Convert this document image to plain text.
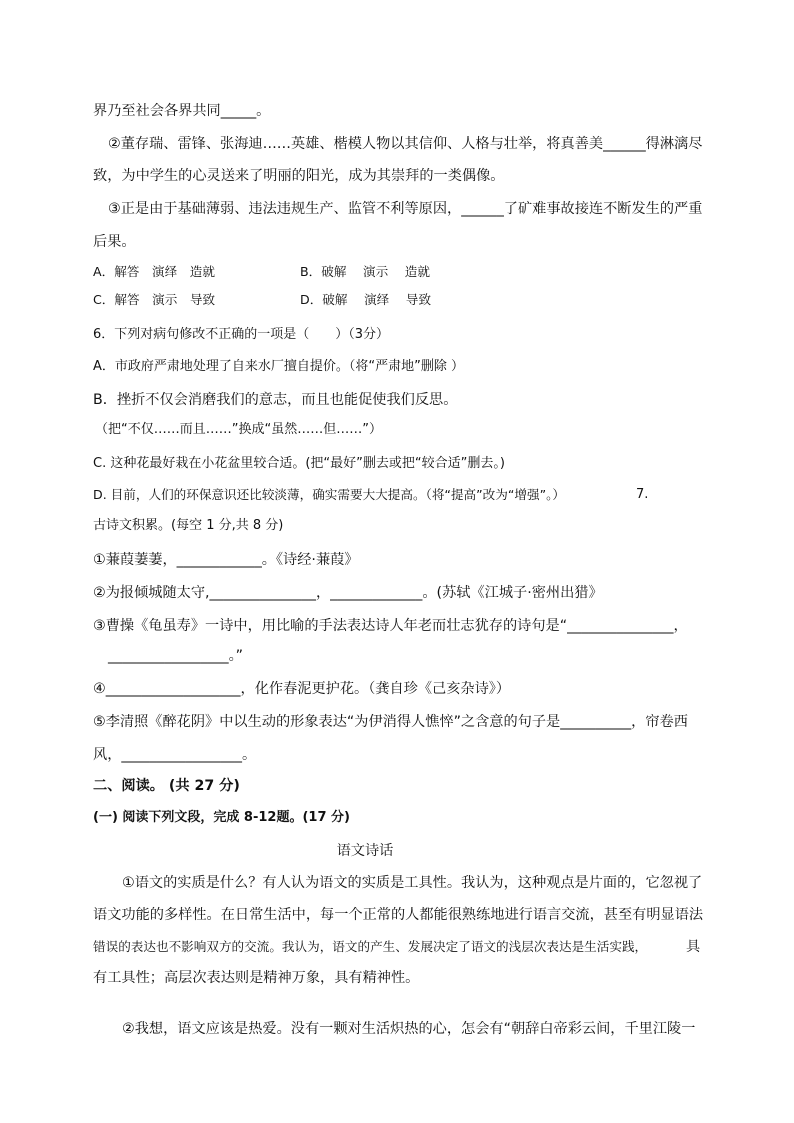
界乃至社会各界共同_____。
②董存瑞、雷锋、张海迪……英雄、楷模人物以其信仰、人格与壮举，将真善美______得淋漓尽
致，为中学生的心灵送来了明丽的阳光，成为其崇拜的一类偶像。
③正是由于基础薄弱、违法违规生产、监管不利等原因，______了矿难事故接连不断发生的严重
后果。
A．解答　演绎　造就	B．破解　 演示　 造就
C．解答　演示　导致	D．破解　 演绎　 导致
6．下列对病句修改不正确的一项是（　　）（3分）
A．市政府严肃地处理了自来水厂擅自提价。（将“严肃地”删除 ）
B．挫折不仅会消磨我们的意志，而且也能促使我们反思。
（把“不仅……而且……”换成“虽然……但……”）
C. 这种花最好栽在小花盆里较合适。(把“最好”删去或把“较合适”删去。)
D. 目前，人们的环保意识还比较淡薄，确实需要大大提高。（将“提高”改为“增强”。）	7.
古诗文积累。(每空 1 分,共 8 分)
①蒹葭萋萋，____________。《诗经·蒹葭》
②为报倾城随太守,_______________，_____________。(苏轼《江城子·密州出猎》
③曹操《龟虽寿》一诗中，用比喻的手法表达诗人年老而壮志犹存的诗句是“_______________，
_________________。”
④___________________，化作春泥更护花。（龚自珍《己亥杂诗》）
⑤李清照《醉花阴》中以生动的形象表达“为伊消得人憔悴”之含意的句子是__________，帘卷西
风，_________________。
二、阅读。 (共 27 分)
(一) 阅读下列文段，完成 8-12题。(17 分)
语文诗话
①语文的实质是什么？有人认为语文的实质是工具性。我认为，这种观点是片面的，它忽视了
语文功能的多样性。在日常生活中，每一个正常的人都能很熟练地进行语言交流，甚至有明显语法
错误的表达也不影响双方的交流。我认为，语文的产生、发展决定了语文的浅层次表达是生活实践，	具
有工具性；高层次表达则是精神万象，具有精神性。
②我想，语文应该是热爱。没有一颗对生活炽热的心，怎会有“朝辞白帝彩云间，千里江陵一
